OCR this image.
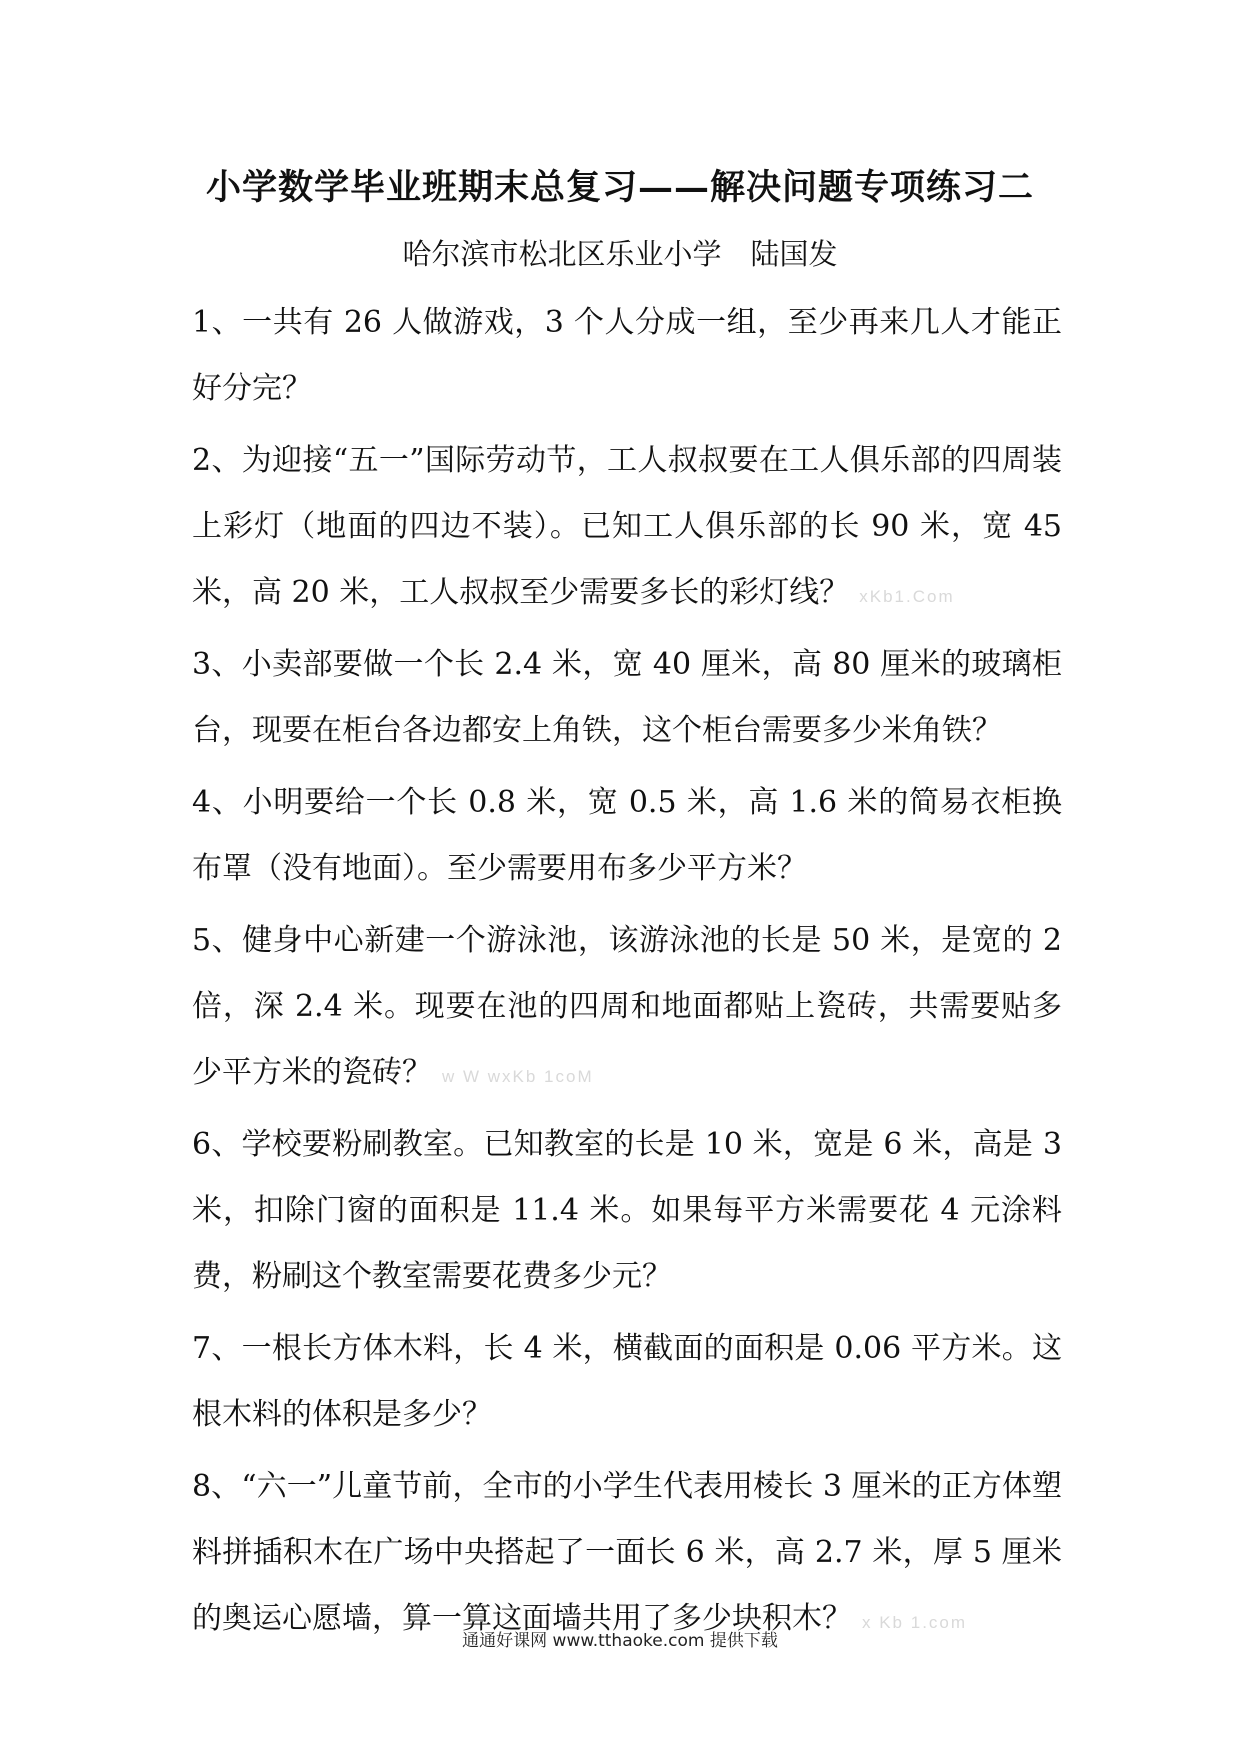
小学数学毕业班期末总复习——解决问题专项练习二

哈尔滨市松北区乐业小学　陆国发

1、一共有 26 人做游戏，3 个人分成一组，至少再来几人才能正好分完？
2、为迎接“五一”国际劳动节，工人叔叔要在工人俱乐部的四周装上彩灯（地面的四边不装）。已知工人俱乐部的长 90 米，宽 45 米，高 20 米，工人叔叔至少需要多长的彩灯线？ xKb1.Com
3、小卖部要做一个长 2.4 米，宽 40 厘米，高 80 厘米的玻璃柜台，现要在柜台各边都安上角铁，这个柜台需要多少米角铁？
4、小明要给一个长 0.8 米，宽 0.5 米，高 1.6 米的简易衣柜换布罩（没有地面）。至少需要用布多少平方米？
5、健身中心新建一个游泳池，该游泳池的长是 50 米，是宽的 2 倍，深 2.4 米。现要在池的四周和地面都贴上瓷砖，共需要贴多少平方米的瓷砖？ w W wxKb 1coM
6、学校要粉刷教室。已知教室的长是 10 米，宽是 6 米，高是 3 米，扣除门窗的面积是 11.4 米。如果每平方米需要花 4 元涂料费，粉刷这个教室需要花费多少元？
7、一根长方体木料，长 4 米，横截面的面积是 0.06 平方米。这根木料的体积是多少？
8、“六一”儿童节前，全市的小学生代表用棱长 3 厘米的正方体塑料拼插积木在广场中央搭起了一面长 6 米，高 2.7 米，厚 5 厘米的奥运心愿墙，算一算这面墙共用了多少块积木？ x Kb 1.com
通通好课网 www.tthaoke.com 提供下载
